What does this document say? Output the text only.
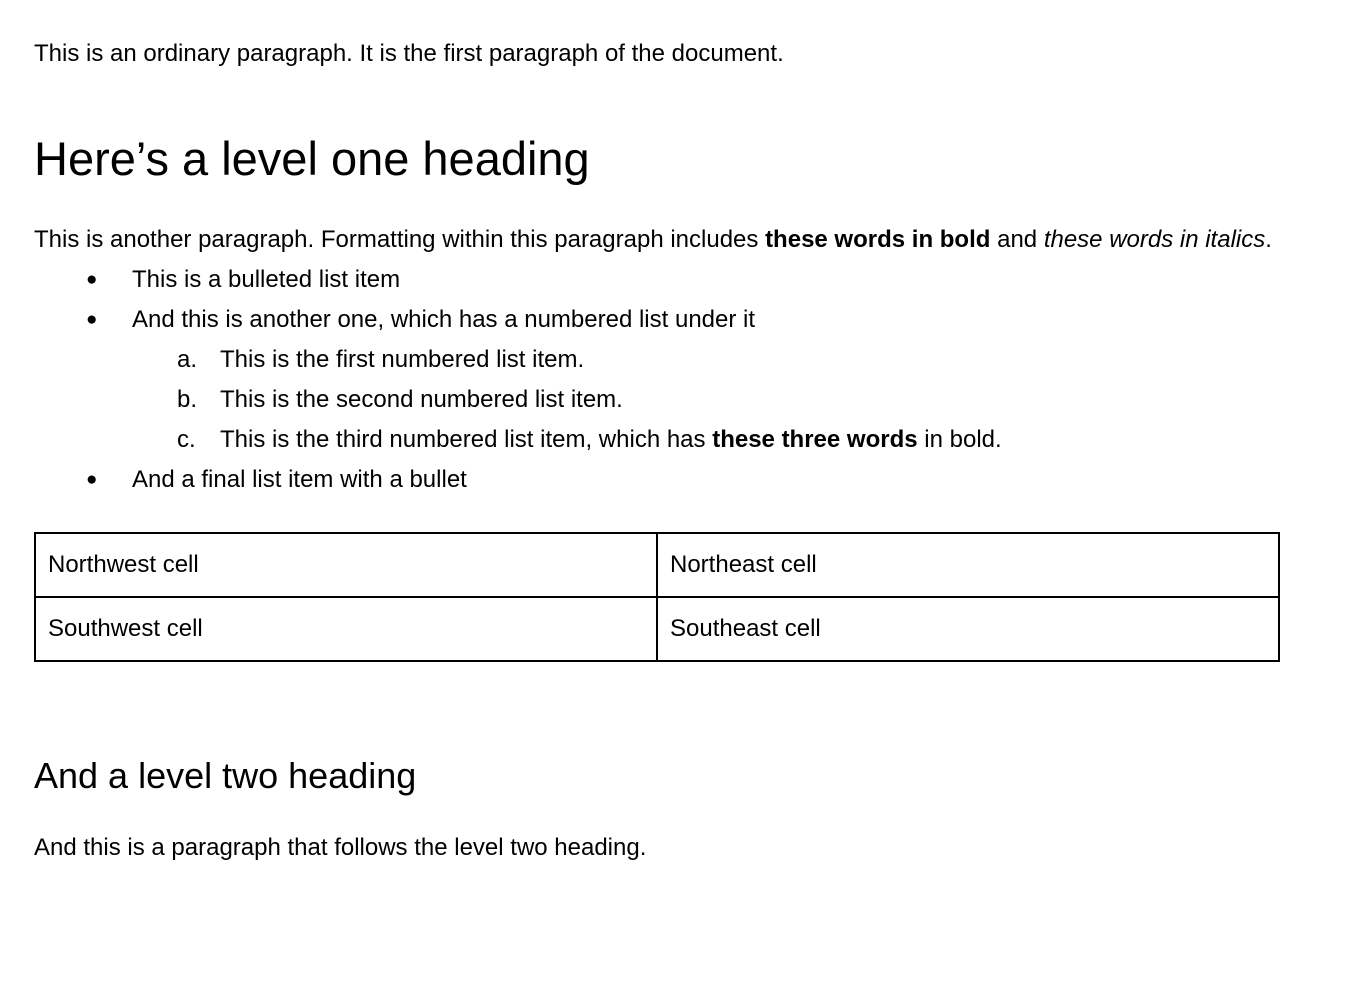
This is an ordinary paragraph. It is the first paragraph of the document.

Here’s a level one heading

This is another paragraph. Formatting within this paragraph includes these words in bold and these words in italics.

● This is a bulleted list item
● And this is another one, which has a numbered list under it
a. This is the first numbered list item.
b. This is the second numbered list item.
c. This is the third numbered list item, which has these three words in bold.
● And a final list item with a bullet
Northwest cell	Northeast cell
Southwest cell	Southeast cell
And a level two heading

And this is a paragraph that follows the level two heading.
